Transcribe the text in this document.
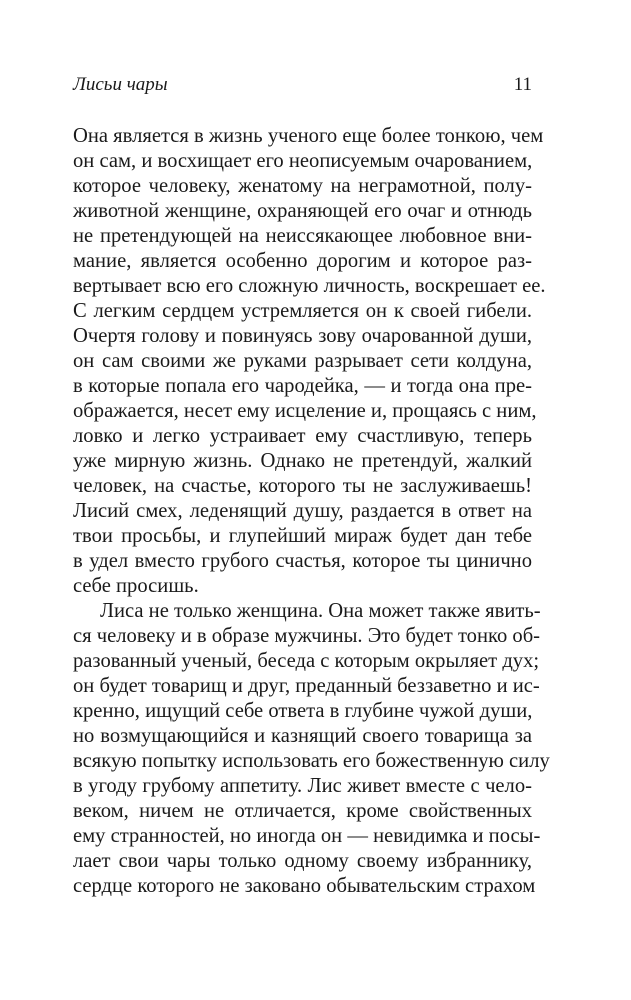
Лисьи чары	11
Она является в жизнь ученого еще более тонкою, чем
он сам, и восхищает его неописуемым очарованием,
которое человеку, женатому на неграмотной, полу-
животной женщине, охраняющей его очаг и отнюдь
не претендующей на неиссякающее любовное вни-
мание, является особенно дорогим и которое раз-
вертывает всю его сложную личность, воскрешает ее.
С легким сердцем устремляется он к своей гибели.
Очертя голову и повинуясь зову очарованной души,
он сам своими же руками разрывает сети колдуна,
в которые попала его чародейка, — и тогда она пре-
ображается, несет ему исцеление и, прощаясь с ним,
ловко и легко устраивает ему счастливую, теперь
уже мирную жизнь. Однако не претендуй, жалкий
человек, на счастье, которого ты не заслуживаешь!
Лисий смех, леденящий душу, раздается в ответ на
твои просьбы, и глупейший мираж будет дан тебе
в удел вместо грубого счастья, которое ты цинично
себе просишь.
Лиса не только женщина. Она может также явить-
ся человеку и в образе мужчины. Это будет тонко об-
разованный ученый, беседа с которым окрыляет дух;
он будет товарищ и друг, преданный беззаветно и ис-
кренно, ищущий себе ответа в глубине чужой души,
но возмущающийся и казнящий своего товарища за
всякую попытку использовать его божественную силу
в угоду грубому аппетиту. Лис живет вместе с чело-
веком, ничем не отличается, кроме свойственных
ему странностей, но иногда он — невидимка и посы-
лает свои чары только одному своему избраннику,
сердце которого не заковано обывательским страхом
